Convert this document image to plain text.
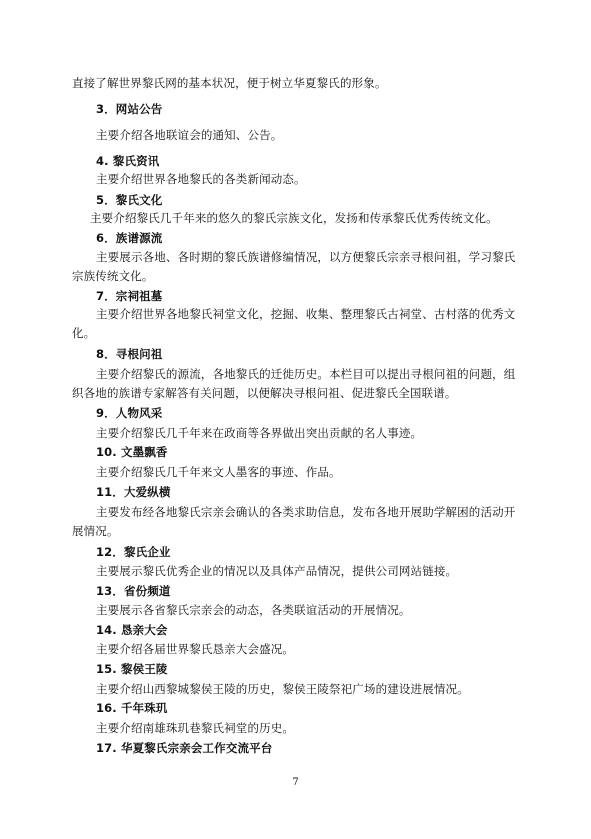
直接了解世界黎氏网的基本状况，便于树立华夏黎氏的形象。
3．网站公告
主要介绍各地联谊会的通知、公告。
4. 黎氏资讯
主要介绍世界各地黎氏的各类新闻动态。
5．黎氏文化
主要介绍黎氏几千年来的悠久的黎氏宗族文化，发扬和传承黎氏优秀传统文化。
6．族谱源流
主要展示各地、各时期的黎氏族谱修编情况，以方便黎氏宗亲寻根问祖，学习黎氏
宗族传统文化。
7．宗祠祖墓
主要介绍世界各地黎氏祠堂文化，挖掘、收集、整理黎氏古祠堂、古村落的优秀文
化。
8．寻根问祖
主要介绍黎氏的源流，各地黎氏的迁徙历史。本栏目可以提出寻根问祖的问题，组
织各地的族谱专家解答有关问题，以便解决寻根问祖、促进黎氏全国联谱。
9．人物风采
主要介绍黎氏几千年来在政商等各界做出突出贡献的名人事迹。
10. 文墨飘香
主要介绍黎氏几千年来文人墨客的事迹、作品。
11．大爱纵横
主要发布经各地黎氏宗亲会确认的各类求助信息，发布各地开展助学解困的活动开
展情况。
12．黎氏企业
主要展示黎氏优秀企业的情况以及具体产品情况，提供公司网站链接。
13．省份频道
主要展示各省黎氏宗亲会的动态，各类联谊活动的开展情况。
14. 恳亲大会
主要介绍各届世界黎氏恳亲大会盛况。
15. 黎侯王陵
主要介绍山西黎城黎侯王陵的历史，黎侯王陵祭祀广场的建设进展情况。
16. 千年珠玑
主要介绍南雄珠玑巷黎氏祠堂的历史。
17. 华夏黎氏宗亲会工作交流平台
7
